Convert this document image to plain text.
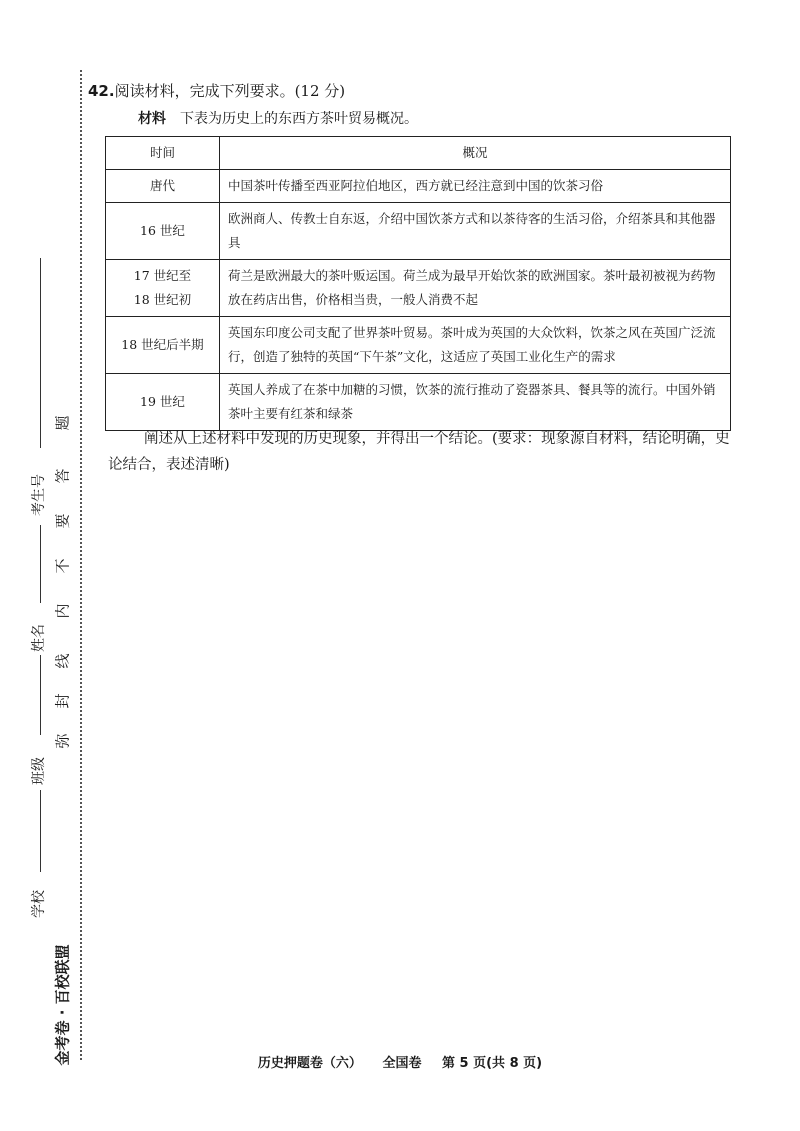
金考卷 · 百校联盟
学校
班级
姓名
考生号
弥
封
线
内
不
要
答
题
42.阅读材料，完成下列要求。(12 分)
材料 下表为历史上的东西方茶叶贸易概况。
时间	概况
唐代	中国茶叶传播至西亚阿拉伯地区，西方就已经注意到中国的饮茶习俗
16 世纪	欧洲商人、传教士自东返，介绍中国饮茶方式和以茶待客的生活习俗，介绍茶具和其他器具
17 世纪至
18 世纪初	荷兰是欧洲最大的茶叶贩运国。荷兰成为最早开始饮茶的欧洲国家。茶叶最初被视为药物放在药店出售，价格相当贵，一般人消费不起
18 世纪后半期	英国东印度公司支配了世界茶叶贸易。茶叶成为英国的大众饮料，饮茶之风在英国广泛流行，创造了独特的英国“下午茶”文化，这适应了英国工业化生产的需求
19 世纪	英国人养成了在茶中加糖的习惯，饮茶的流行推动了瓷器茶具、餐具等的流行。中国外销茶叶主要有红茶和绿茶
阐述从上述材料中发现的历史现象，并得出一个结论。(要求：现象源自材料，结论明确，史论结合，表述清晰)
历史押题卷（六） 全国卷 第 5 页(共 8 页)
